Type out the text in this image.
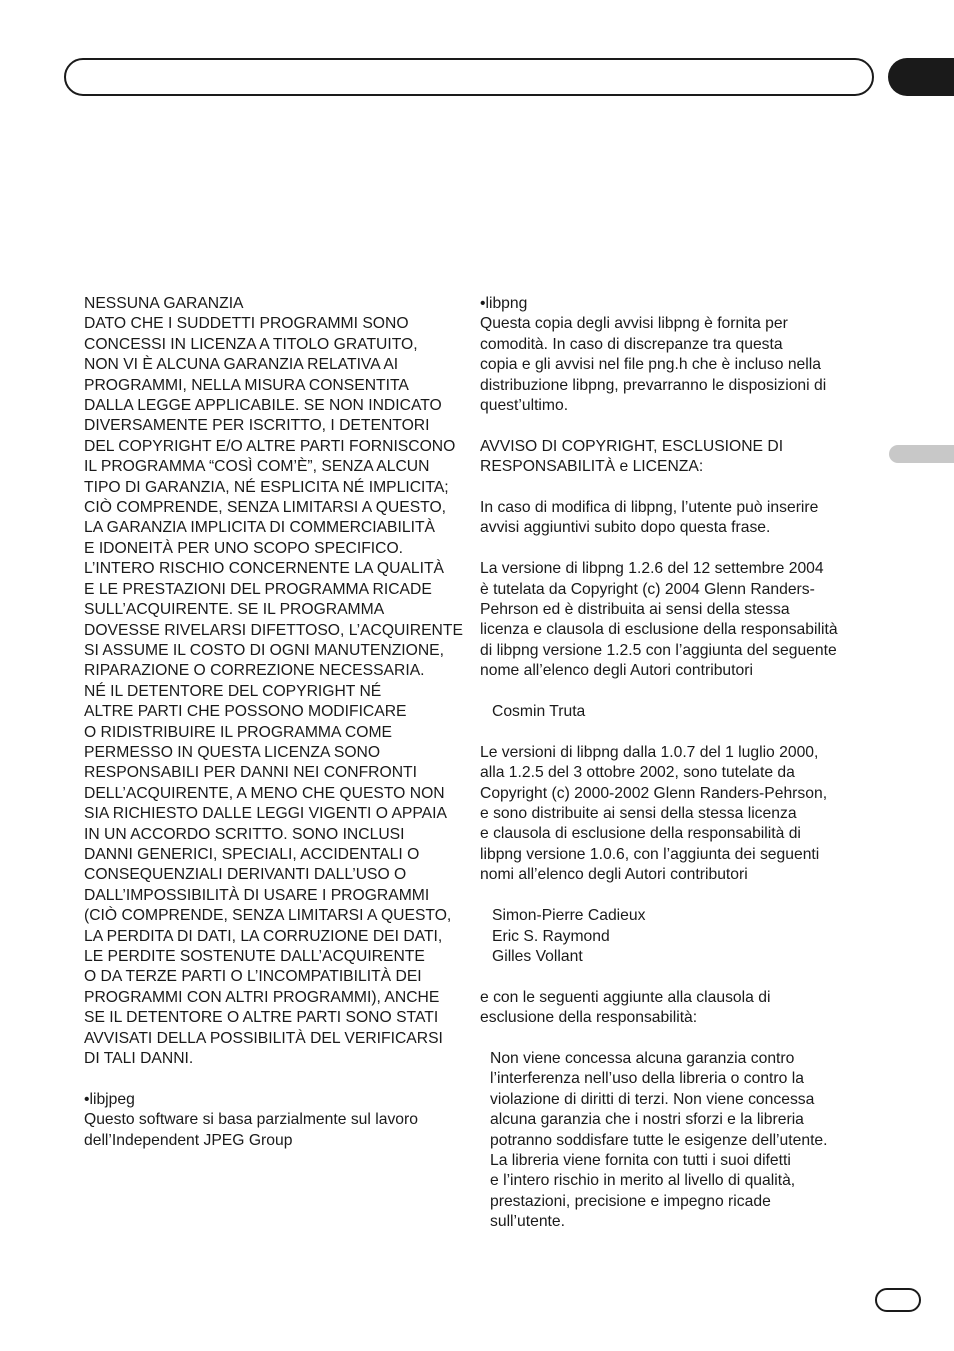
NESSUNA GARANZIA

DATO CHE I SUDDETTI PROGRAMMI SONO

CONCESSI IN LICENZA A TITOLO GRATUITO,

NON VI È ALCUNA GARANZIA RELATIVA AI

PROGRAMMI, NELLA MISURA CONSENTITA

DALLA LEGGE APPLICABILE. SE NON INDICATO

DIVERSAMENTE PER ISCRITTO, I DETENTORI

DEL COPYRIGHT E/O ALTRE PARTI FORNISCONO

IL PROGRAMMA “COSÌ COM’È”, SENZA ALCUN

TIPO DI GARANZIA, NÉ ESPLICITA NÉ IMPLICITA;

CIÒ COMPRENDE, SENZA LIMITARSI A QUESTO,

LA GARANZIA IMPLICITA DI COMMERCIABILITÀ

E IDONEITÀ PER UNO SCOPO SPECIFICO.

L’INTERO RISCHIO CONCERNENTE LA QUALITÀ

E LE PRESTAZIONI DEL PROGRAMMA RICADE

SULL’ACQUIRENTE. SE IL PROGRAMMA

DOVESSE RIVELARSI DIFETTOSO, L’ACQUIRENTE

SI ASSUME IL COSTO DI OGNI MANUTENZIONE,

RIPARAZIONE O CORREZIONE NECESSARIA.

NÉ IL DETENTORE DEL COPYRIGHT NÉ

ALTRE PARTI CHE POSSONO MODIFICARE

O RIDISTRIBUIRE IL PROGRAMMA COME

PERMESSO IN QUESTA LICENZA SONO

RESPONSABILI PER DANNI NEI CONFRONTI

DELL’ACQUIRENTE, A MENO CHE QUESTO NON

SIA RICHIESTO DALLE LEGGI VIGENTI O APPAIA

IN UN ACCORDO SCRITTO. SONO INCLUSI

DANNI GENERICI, SPECIALI, ACCIDENTALI O

CONSEQUENZIALI DERIVANTI DALL’USO O

DALL’IMPOSSIBILITÀ DI USARE I PROGRAMMI

(CIÒ COMPRENDE, SENZA LIMITARSI A QUESTO,

LA PERDITA DI DATI, LA CORRUZIONE DEI DATI,

LE PERDITE SOSTENUTE DALL’ACQUIRENTE

O DA TERZE PARTI O L’INCOMPATIBILITÀ DEI

PROGRAMMI CON ALTRI PROGRAMMI), ANCHE

SE IL DETENTORE O ALTRE PARTI SONO STATI

AVVISATI DELLA POSSIBILITÀ DEL VERIFICARSI

DI TALI DANNI.

•libjpeg

Questo software si basa parzialmente sul lavoro

dell’Independent JPEG Group

•libpng

Questa copia degli avvisi libpng è fornita per

comodità. In caso di discrepanze tra questa

copia e gli avvisi nel file png.h che è incluso nella

distribuzione libpng, prevarranno le disposizioni di

quest’ultimo.

AVVISO DI COPYRIGHT, ESCLUSIONE DI

RESPONSABILITÀ e LICENZA:

In caso di modifica di libpng, l’utente può inserire

avvisi aggiuntivi subito dopo questa frase.

La versione di libpng 1.2.6 del 12 settembre 2004

è tutelata da Copyright (c) 2004 Glenn Randers-

Pehrson ed è distribuita ai sensi della stessa

licenza e clausola di esclusione della responsabilità

di libpng versione 1.2.5 con l’aggiunta del seguente

nome all’elenco degli Autori contributori

Cosmin Truta

Le versioni di libpng dalla 1.0.7 del 1 luglio 2000,

alla 1.2.5 del 3 ottobre 2002, sono tutelate da

Copyright (c) 2000-2002 Glenn Randers-Pehrson,

e sono distribuite ai sensi della stessa licenza

e clausola di esclusione della responsabilità di

libpng versione 1.0.6, con l’aggiunta dei seguenti

nomi all’elenco degli Autori contributori

Simon-Pierre Cadieux

Eric S. Raymond

Gilles Vollant

e con le seguenti aggiunte alla clausola di

esclusione della responsabilità:

Non viene concessa alcuna garanzia contro

l’interferenza nell’uso della libreria o contro la

violazione di diritti di terzi. Non viene concessa

alcuna garanzia che i nostri sforzi e la libreria

potranno soddisfare tutte le esigenze dell’utente.

La libreria viene fornita con tutti i suoi difetti

e l’intero rischio in merito al livello di qualità,

prestazioni, precisione e impegno ricade

sull’utente.
